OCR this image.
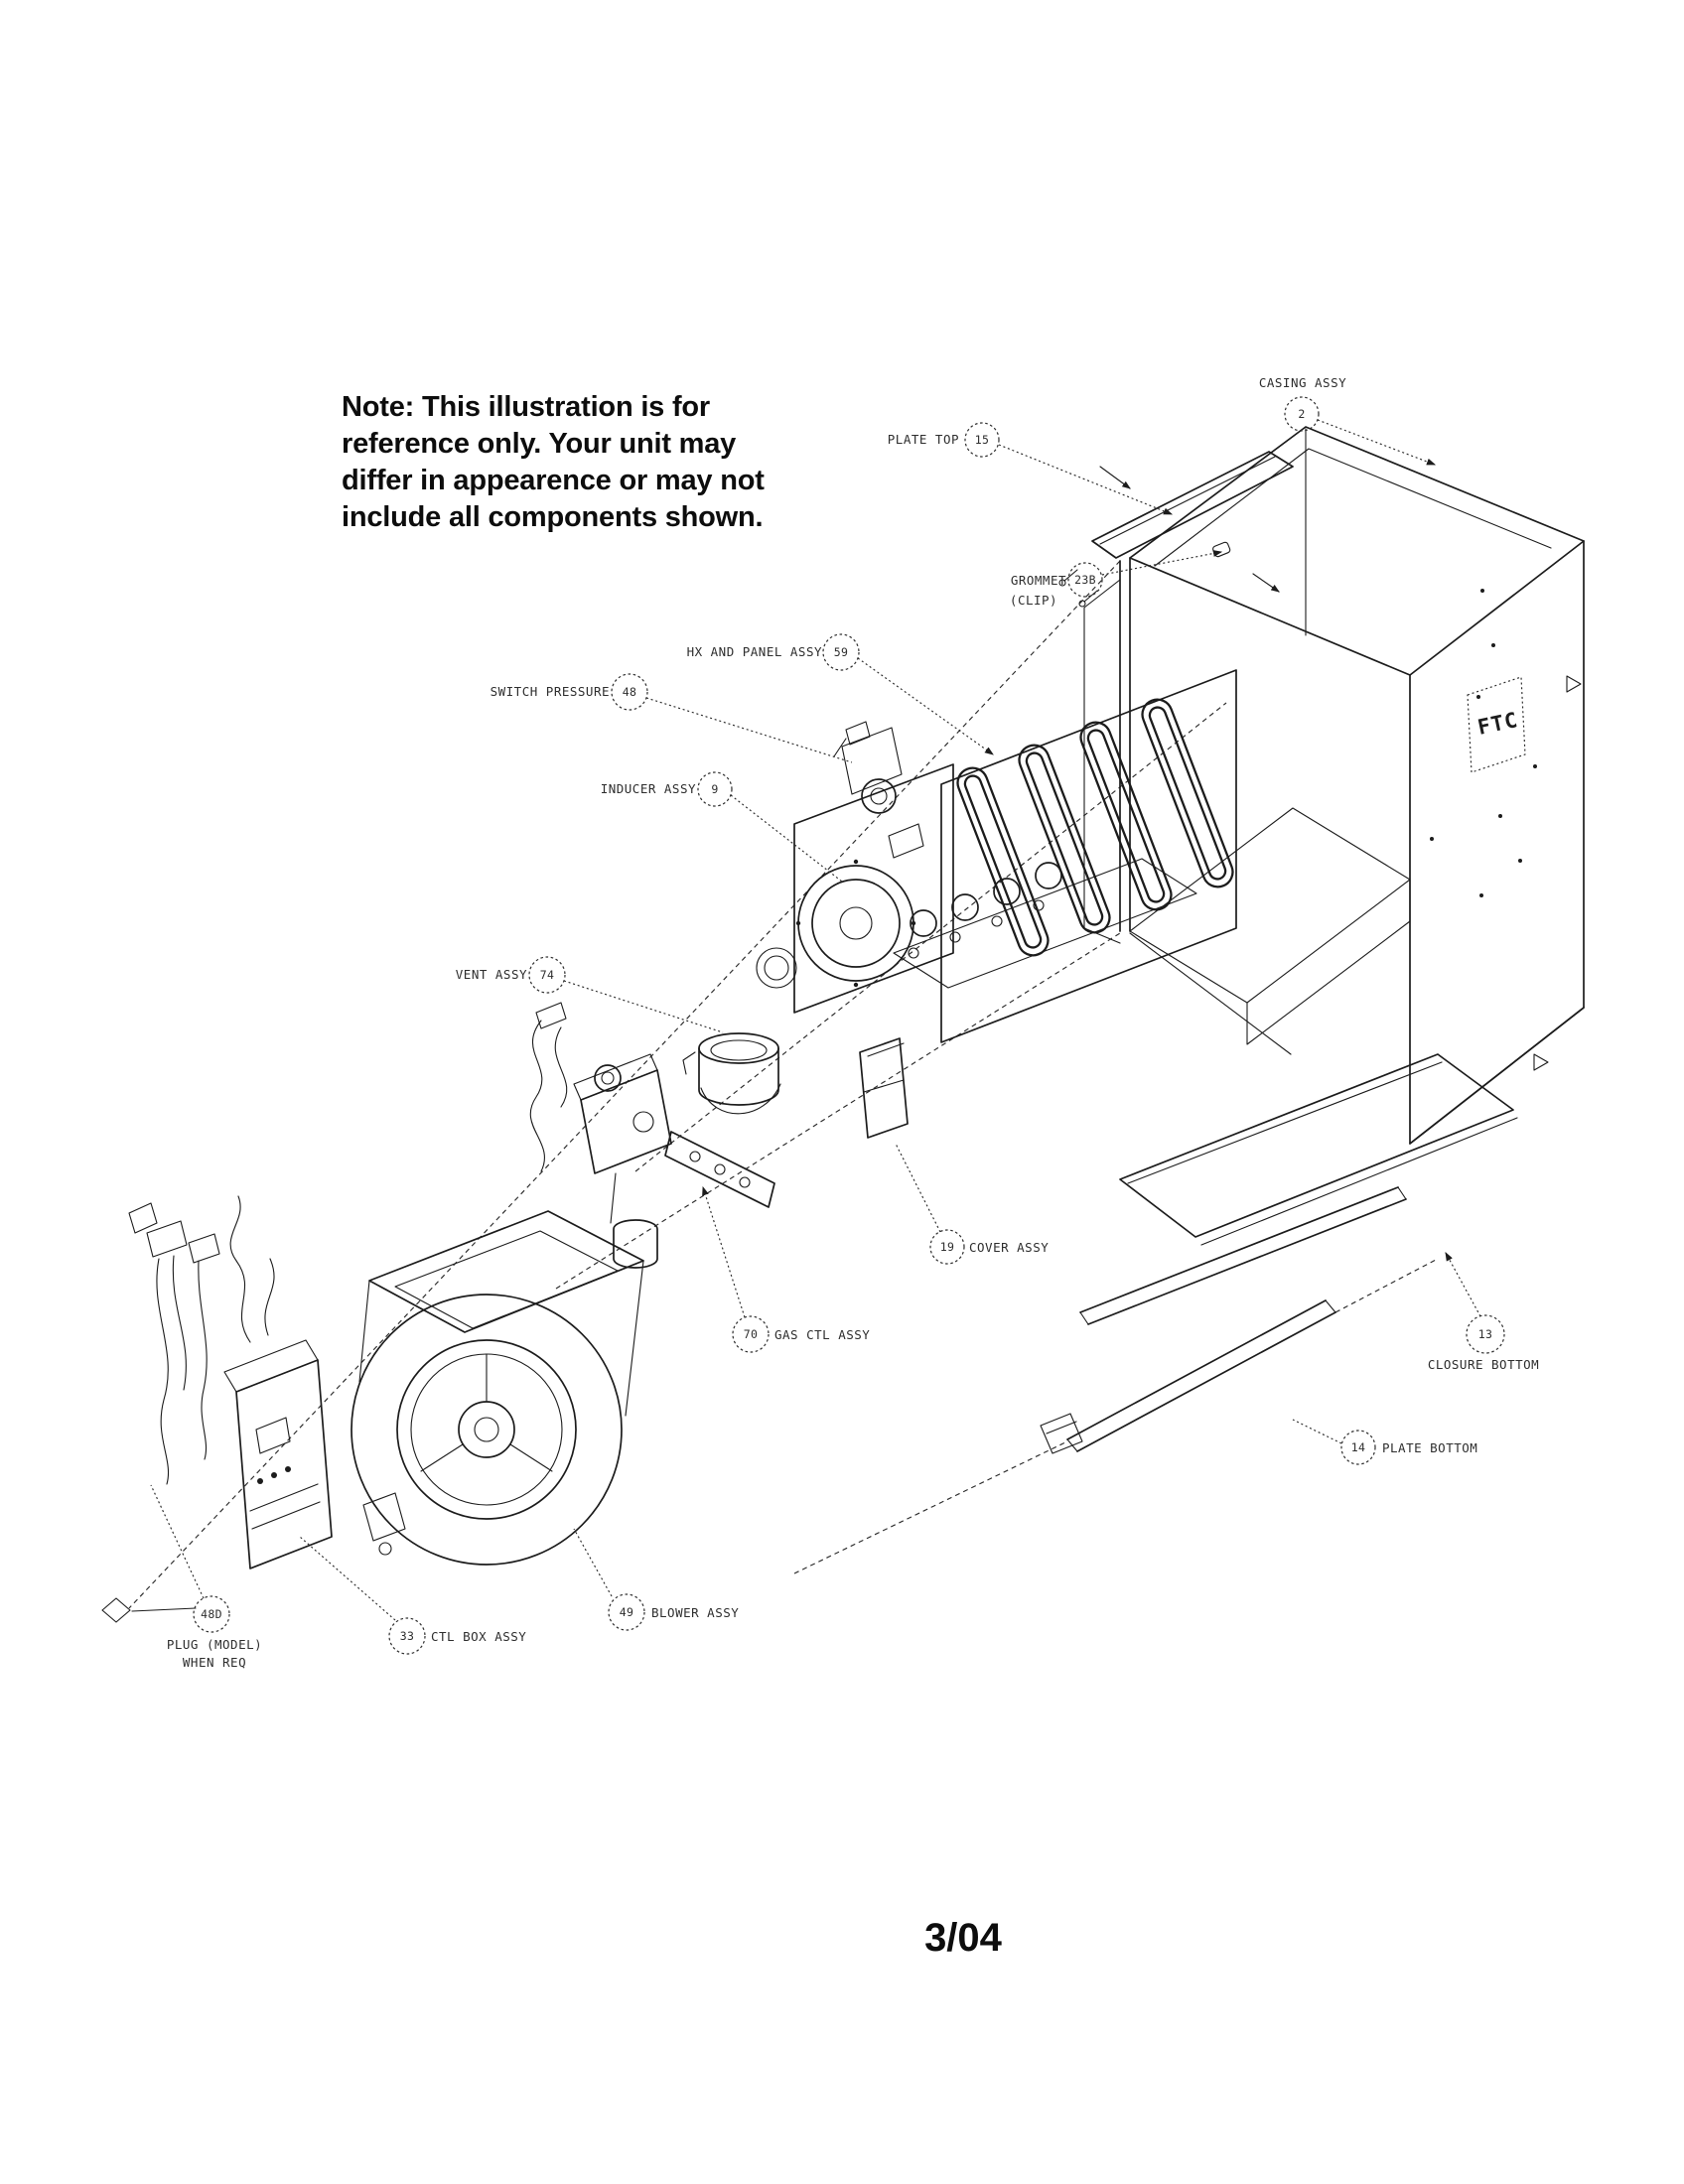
Note: This illustration is for
reference only. Your unit may
differ in appearence or may not
include all components shown.
FTC
15
PLATE TOP
2
CASING ASSY
23B
GROMMET
(CLIP)
59
HX AND PANEL ASSY
48
SWITCH PRESSURE
9
INDUCER ASSY
74
VENT ASSY
19 COVER ASSY
70 GAS CTL ASSY	13
CLOSURE BOTTOM
14 PLATE BOTTOM
48D
PLUG (MODEL)
WHEN REQ
33 CTL BOX ASSY
49 BLOWER ASSY
3/04
